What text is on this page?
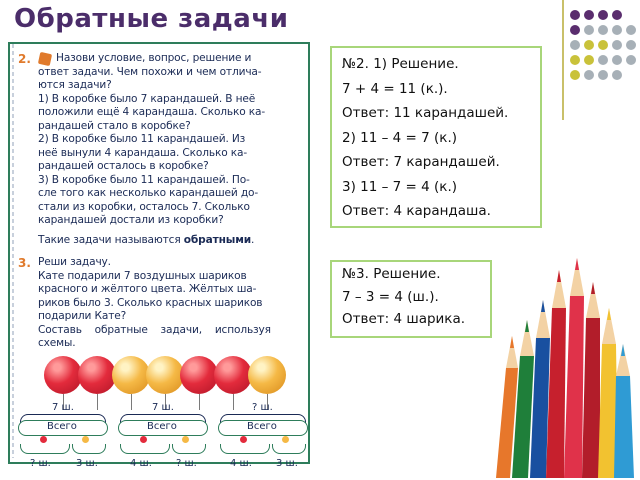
Обратные задачи
2. Назови условие, вопрос, решение и
ответ задачи. Чем похожи и чем отлича-
ются задачи?
1) В коробке было 7 карандашей. В неё
положили ещё 4 карандаша. Сколько ка-
рандашей стало в коробке?
2) В коробке было 11 карандашей. Из
неё вынули 4 карандаша. Сколько ка-
рандашей осталось в коробке?
3) В коробке было 11 карандашей. По-
сле того как несколько карандашей до-
стали из коробки, осталось 7. Сколько
карандашей достали из коробки?
Такие задачи называются обратными.
3. Реши задачу.
Кате подарили 7 воздушных шариков
красного и жёлтого цвета. Жёлтых ша-
риков было 3. Сколько красных шариков
подарили Кате?
Составь    обратные    задачи,    используя
схемы.
7 ш.
Всего
? ш.	3 ш.
7 ш.
Всего
4 ш. ? ш.
? ш.
Всего
4 ш. 3 ш.
№2. 1) Решение.
7 + 4 = 11 (к.).
Ответ: 11 карандашей.
2) 11 – 4 = 7 (к.)
Ответ: 7 карандашей.
3) 11 – 7 = 4 (к.)
Ответ: 4 карандаша.
№3. Решение.
7 – 3 = 4 (ш.).
Ответ: 4 шарика.
